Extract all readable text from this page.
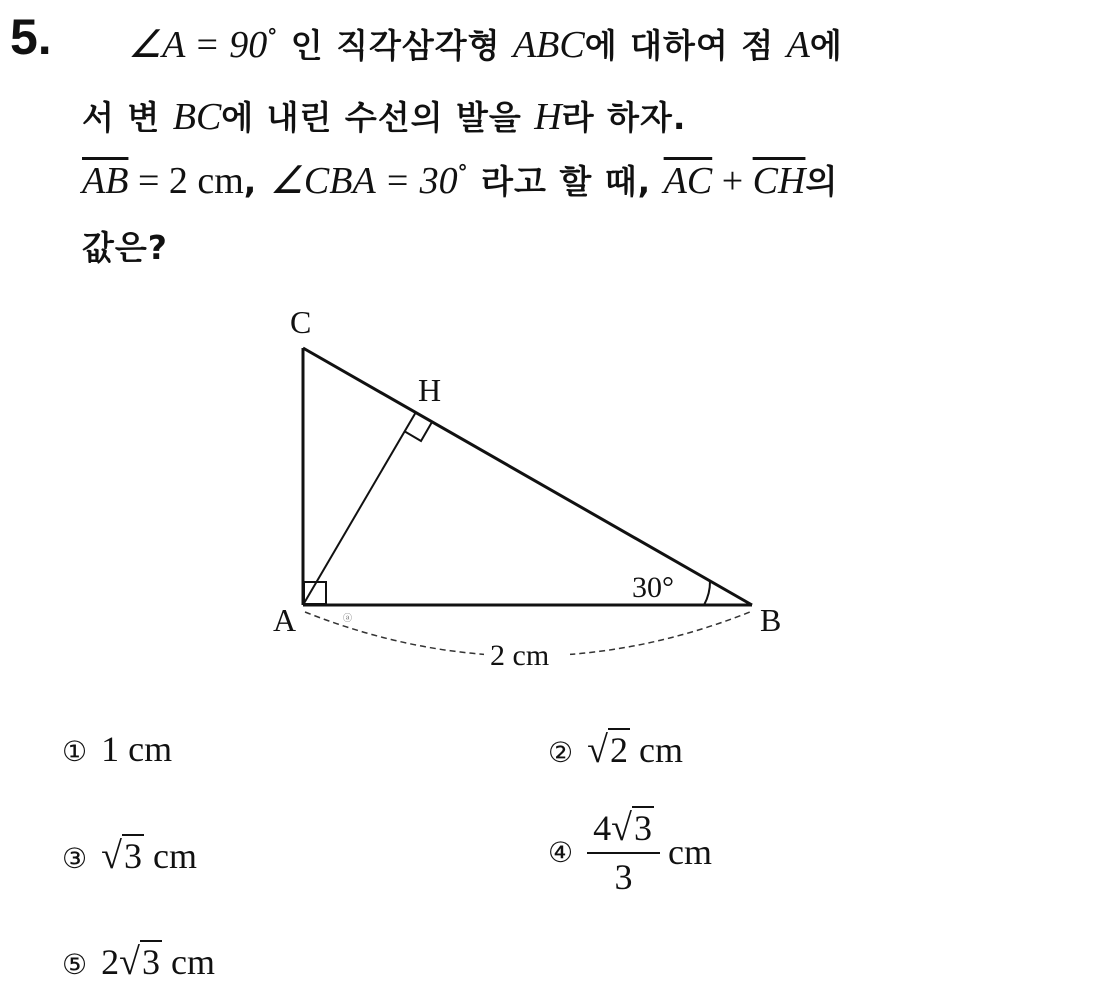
5. ∠A = 90° 인 직각삼각형 ABC에 대하여 점 A에
서 변 BC에 내린 수선의 발을 H라 하자.
$\overline{AB} = 2$ cm, ∠CBA = 30° 라고 할 때, $\overline{AC} + \overline{CH}$의
값은?
C
H
A	B
30°
2 cm
ⓐ
① 1 cm	② √2 cm
③ √3 cm	④ $\frac{4√3}{3}$ cm
⑤ 2√3 cm
